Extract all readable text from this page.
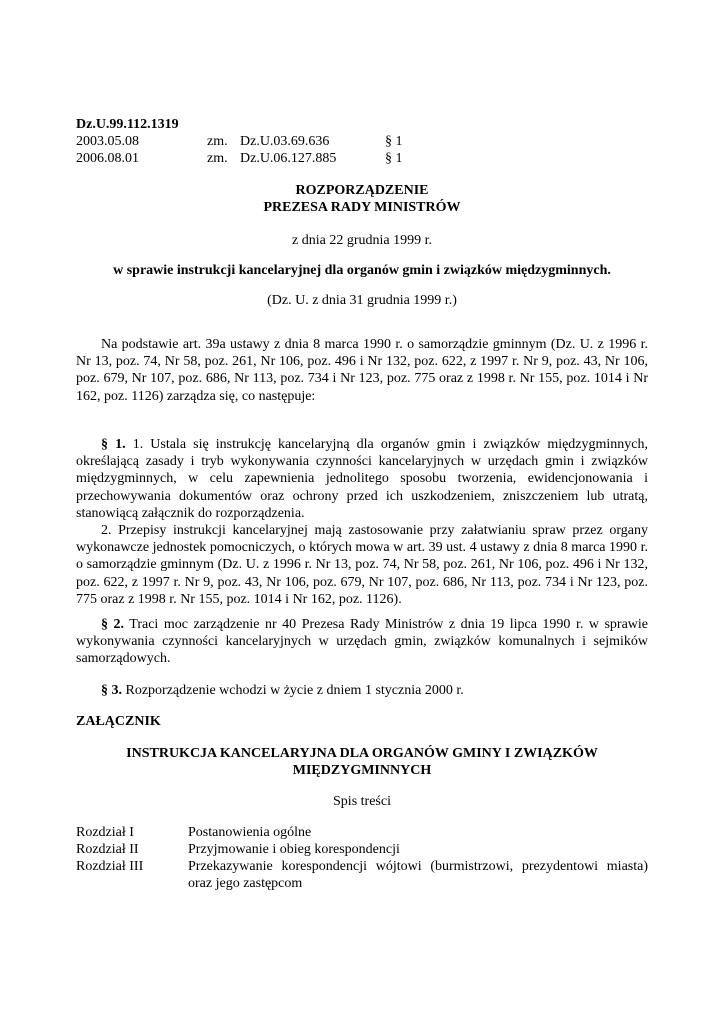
Dz.U.99.112.1319
2003.05.08	zm. Dz.U.03.69.636	§ 1
2006.08.01	zm. Dz.U.06.127.885	§ 1
ROZPORZĄDZENIE
PREZESA RADY MINISTRÓW
z dnia 22 grudnia 1999 r.
w sprawie instrukcji kancelaryjnej dla organów gmin i związków międzygminnych.
(Dz. U. z dnia 31 grudnia 1999 r.)

Na podstawie art. 39a ustawy z dnia 8 marca 1990 r. o samorządzie gminnym (Dz. U. z 1996 r. Nr 13, poz. 74, Nr 58, poz. 261, Nr 106, poz. 496 i Nr 132, poz. 622, z 1997 r. Nr 9, poz. 43, Nr 106, poz. 679, Nr 107, poz. 686, Nr 113, poz. 734 i Nr 123, poz. 775 oraz z 1998 r. Nr 155, poz. 1014 i Nr 162, poz. 1126) zarządza się, co następuje:

§ 1. 1. Ustala się instrukcję kancelaryjną dla organów gmin i związków międzygminnych, określającą zasady i tryb wykonywania czynności kancelaryjnych w urzędach gmin i związków międzygminnych, w celu zapewnienia jednolitego sposobu tworzenia, ewidencjonowania i przechowywania dokumentów oraz ochrony przed ich uszkodzeniem, zniszczeniem lub utratą, stanowiącą załącznik do rozporządzenia.

2. Przepisy instrukcji kancelaryjnej mają zastosowanie przy załatwianiu spraw przez organy wykonawcze jednostek pomocniczych, o których mowa w art. 39 ust. 4 ustawy z dnia 8 marca 1990 r. o samorządzie gminnym (Dz. U. z 1996 r. Nr 13, poz. 74, Nr 58, poz. 261, Nr 106, poz. 496 i Nr 132, poz. 622, z 1997 r. Nr 9, poz. 43, Nr 106, poz. 679, Nr 107, poz. 686, Nr 113, poz. 734 i Nr 123, poz. 775 oraz z 1998 r. Nr 155, poz. 1014 i Nr 162, poz. 1126).

§ 2. Traci moc zarządzenie nr 40 Prezesa Rady Ministrów z dnia 19 lipca 1990 r. w sprawie wykonywania czynności kancelaryjnych w urzędach gmin, związków komunalnych i sejmików samorządowych.

§ 3. Rozporządzenie wchodzi w życie z dniem 1 stycznia 2000 r.

ZAŁĄCZNIK
INSTRUKCJA KANCELARYJNA DLA ORGANÓW GMINY I ZWIĄZKÓW
MIĘDZYGMINNYCH
Spis treści
Rozdział I	Postanowienia ogólne
Rozdział II	Przyjmowanie i obieg korespondencji
Rozdział III	Przekazywanie korespondencji wójtowi (burmistrzowi, prezydentowi miasta) oraz jego zastępcom
